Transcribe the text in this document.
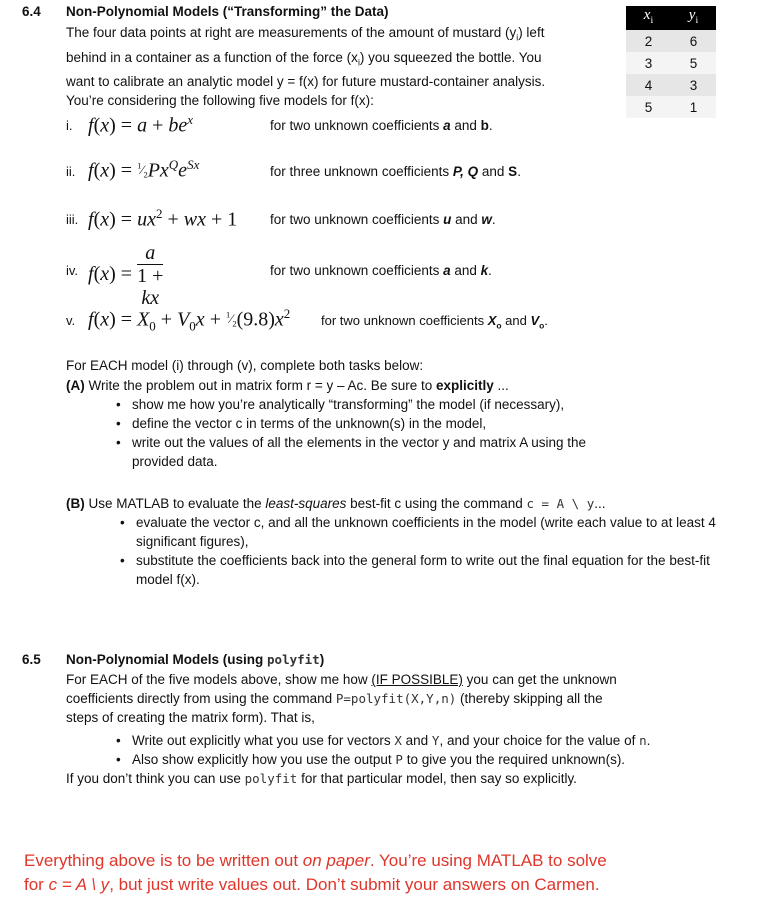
6.4 Non-Polynomial Models (“Transforming” the Data)
The four data points at right are measurements of the amount of mustard $(y_i)$ left
behind in a container as a function of the force $(x_i)$ you squeezed the bottle. You
want to calibrate an analytic model y = f(x) for future mustard-container analysis.
You’re considering the following five models for f(x):
$x_i$	$y_i$
2	6
3	5
4	3
5	1
i. $f(x) = a + be^x$	for two unknown coefficients a and b.
ii. $f(x) = ^1⁄_2Px^Qe^{Sx}$	for three unknown coefficients P, Q and S.
iii. $f(x) = ux^2$ + wx + 1 for two unknown coefficients u and w.
iv. f(x) = a
1 +
kx	for two unknown coefficients a and k.
v. $f(x) = X_0 + V_0x$ + $^1⁄_2(9.8)x^2$ for two unknown coefficients $X_o$ and $V_o$.
For EACH model (i) through (v), complete both tasks below:
(A) Write the problem out in matrix form r = y – Ac. Be sure to explicitly ...
• show me how you’re analytically “transforming” the model (if necessary),
• define the vector c in terms of the unknown(s) in the model,
• write out the values of all the elements in the vector y and matrix A using the provided data.
(B) Use MATLAB to evaluate the least-squares best-fit c using the command c = A \ y...
• evaluate the vector c, and all the unknown coefficients in the model (write each value to at least 4 significant figures),
• substitute the coefficients back into the general form to write out the final equation for the best-fit model f(x).
6.5 Non-Polynomial Models (using polyfit)
For EACH of the five models above, show me how (IF POSSIBLE) you can get the unknown
coefficients directly from using the command P=polyfit(X,Y,n) (thereby skipping all the
steps of creating the matrix form). That is,
• Write out explicitly what you use for vectors X and Y, and your choice for the value of n.
• Also show explicitly how you use the output P to give you the required unknown(s).
If you don’t think you can use polyfit for that particular model, then say so explicitly.
Everything above is to be written out on paper. You’re using MATLAB to solve
for c = A \ y, but just write values out. Don’t submit your answers on Carmen.
